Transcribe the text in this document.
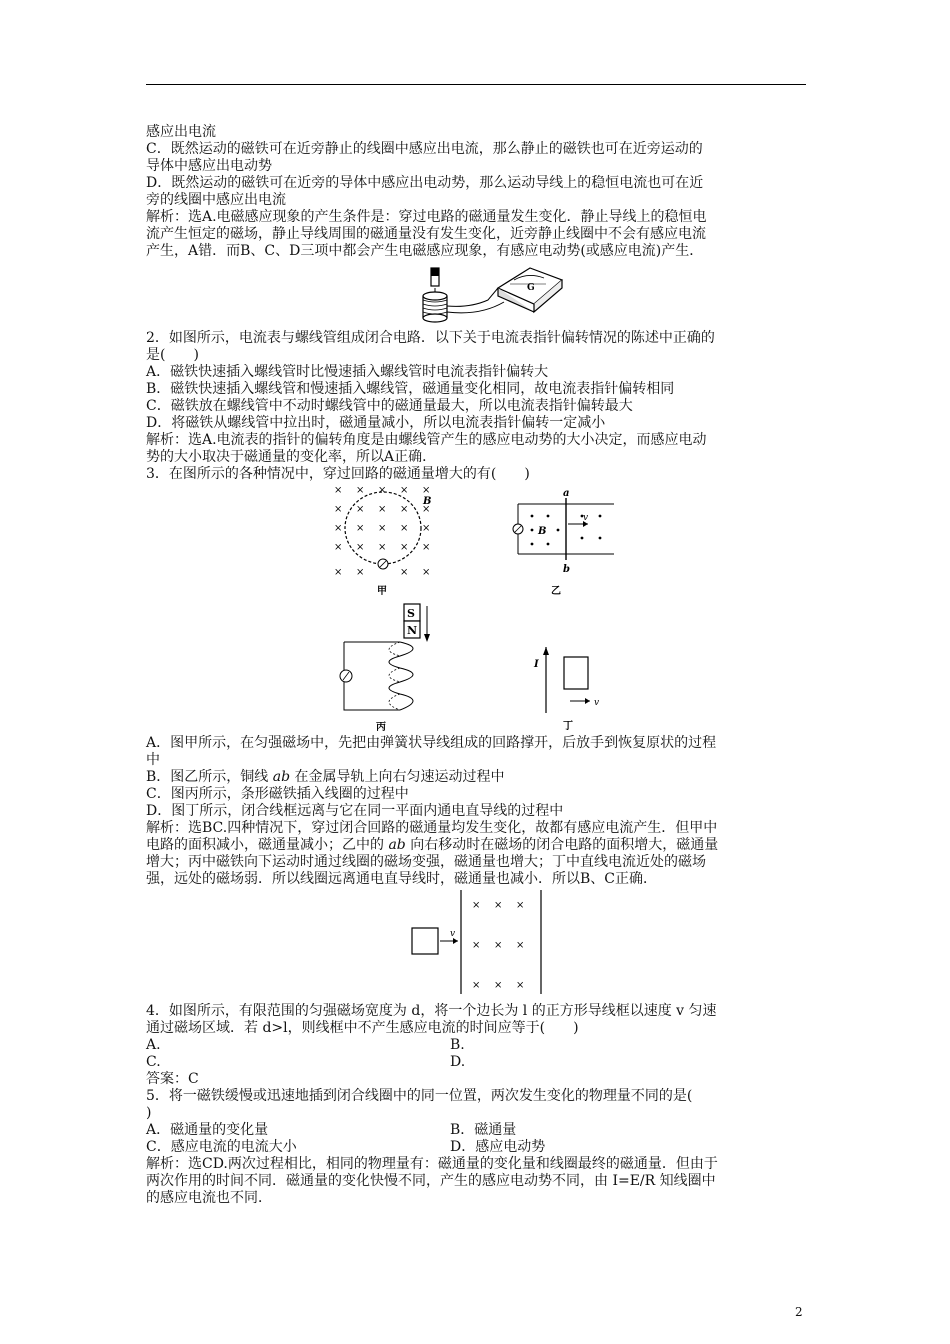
感应出电流
C．既然运动的磁铁可在近旁静止的线圈中感应出电流，那么静止的磁铁也可在近旁运动的
导体中感应出电动势
D．既然运动的磁铁可在近旁的导体中感应出电动势，那么运动导线上的稳恒电流也可在近
旁的线圈中感应出电流
解析：选A.电磁感应现象的产生条件是：穿过电路的磁通量发生变化．静止导线上的稳恒电
流产生恒定的磁场，静止导线周围的磁通量没有发生变化，近旁静止线圈中不会有感应电流
产生，A错．而B、C、D三项中都会产生电磁感应现象，有感应电动势(或感应电流)产生．
G
2．如图所示，电流表与螺线管组成闭合电路．以下关于电流表指针偏转情况的陈述中正确的
是(　　)
A．磁铁快速插入螺线管时比慢速插入螺线管时电流表指针偏转大
B．磁铁快速插入螺线管和慢速插入螺线管，磁通量变化相同，故电流表指针偏转相同
C．磁铁放在螺线管中不动时螺线管中的磁通量最大，所以电流表指针偏转最大
D．将磁铁从螺线管中拉出时，磁通量减小，所以电流表指针偏转一定减小
解析：选A.电流表的指针的偏转角度是由螺线管产生的感应电动势的大小决定，而感应电动
势的大小取决于磁通量的变化率，所以A正确．
3．在图所示的各种情况中，穿过回路的磁通量增大的有(　　)
× × × × ×
× × × × ×
× × × × ×
× × × × ×
× ×	× ×
B
甲
a
b
B
v
乙
S
N
丙
I
v
丁
A．图甲所示，在匀强磁场中，先把由弹簧状导线组成的回路撑开，后放手到恢复原状的过程
中
B．图乙所示，铜线 ab 在金属导轨上向右匀速运动过程中
C．图丙所示，条形磁铁插入线圈的过程中
D．图丁所示，闭合线框远离与它在同一平面内通电直导线的过程中
解析：选BC.四种情况下，穿过闭合回路的磁通量均发生变化，故都有感应电流产生．但甲中
电路的面积减小，磁通量减小；乙中的 ab 向右移动时在磁场的闭合电路的面积增大，磁通量
增大；丙中磁铁向下运动时通过线圈的磁场变强，磁通量也增大；丁中直线电流近处的磁场
强，远处的磁场弱．所以线圈远离通电直导线时，磁通量也减小．所以B、C正确．
v
× × ×
× × ×
× × ×
4．如图所示，有限范围的匀强磁场宽度为 d，将一个边长为 l 的正方形导线框以速度 v 匀速
通过磁场区域．若 d>l，则线框中不产生感应电流的时间应等于(　　)
A.	B.
C.	D.
答案：C
5．将一磁铁缓慢或迅速地插到闭合线圈中的同一位置，两次发生变化的物理量不同的是(
)
A．磁通量的变化量	B．磁通量
C．感应电流的电流大小	D．感应电动势
解析：选CD.两次过程相比，相同的物理量有：磁通量的变化量和线圈最终的磁通量．但由于
两次作用的时间不同．磁通量的变化快慢不同，产生的感应电动势不同，由 I=E/R 知线圈中
的感应电流也不同．
2
